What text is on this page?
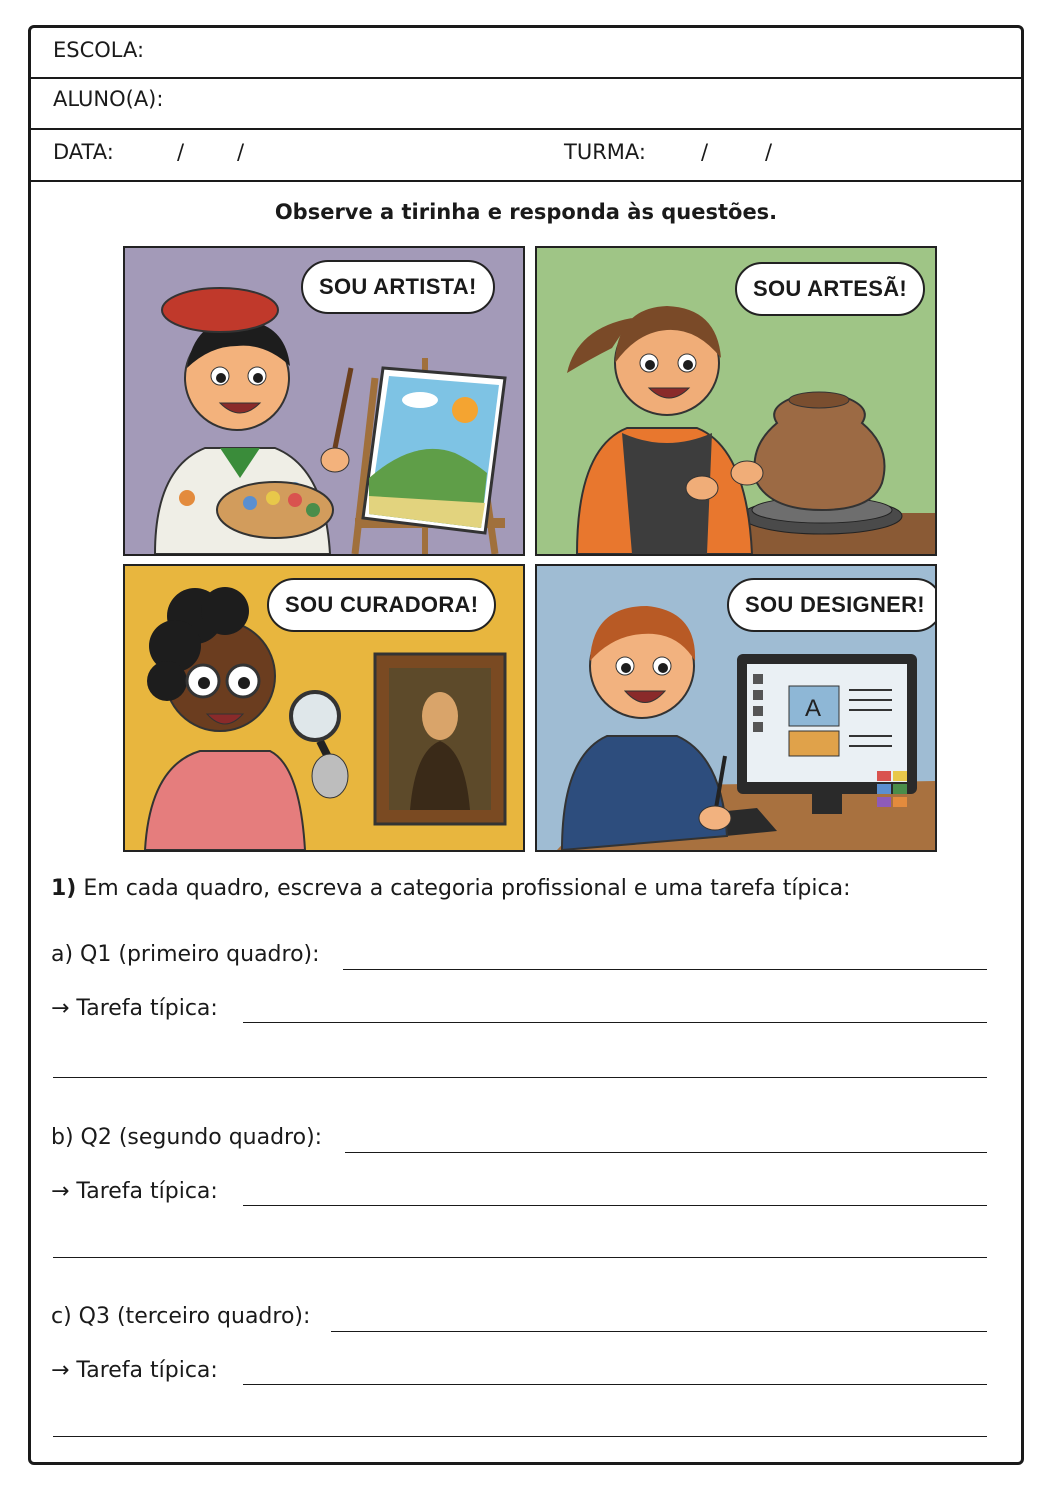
ESCOLA:
ALUNO(A):
DATA:	/	/	TURMA:	/	/
Observe a tirinha e responda às questões.
SOU ARTISTA!	SOU ARTESÃ!
SOU CURADORA!
A
SOU DESIGNER!
1) Em cada quadro, escreva a categoria profissional e uma tarefa típica:
a) Q1 (primeiro quadro):
→ Tarefa típica:
b) Q2 (segundo quadro):
→ Tarefa típica:
c) Q3 (terceiro quadro):
→ Tarefa típica:
